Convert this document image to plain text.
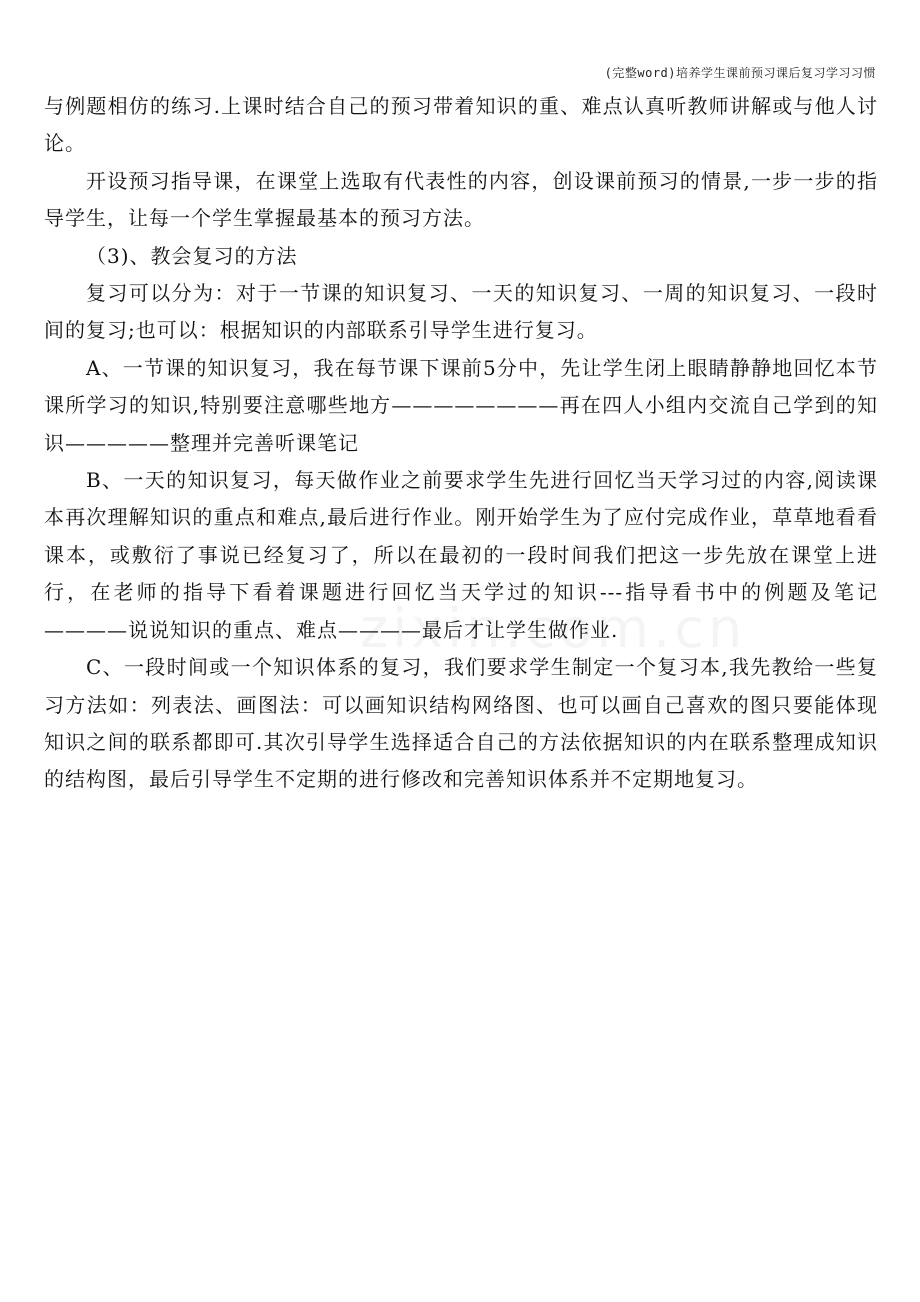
(完整word)培养学生课前预习课后复习学习习惯

与例题相仿的练习.上课时结合自己的预习带着知识的重、难点认真听教师讲解或与他人讨论。

开设预习指导课，在课堂上选取有代表性的内容，创设课前预习的情景,一步一步的指导学生，让每一个学生掌握最基本的预习方法。

（3)、教会复习的方法

复习可以分为：对于一节课的知识复习、一天的知识复习、一周的知识复习、一段时间的复习;也可以：根据知识的内部联系引导学生进行复习。

A、一节课的知识复习，我在每节课下课前5分中，先让学生闭上眼睛静静地回忆本节课所学习的知识,特别要注意哪些地方————————再在四人小组内交流自己学到的知识—————整理并完善听课笔记

B、一天的知识复习，每天做作业之前要求学生先进行回忆当天学习过的内容,阅读课本再次理解知识的重点和难点,最后进行作业。刚开始学生为了应付完成作业，草草地看看课本，或敷衍了事说已经复习了，所以在最初的一段时间我们把这一步先放在课堂上进行，在老师的指导下看着课题进行回忆当天学过的知识---指导看书中的例题及笔记————说说知识的重点、难点————最后才让学生做作业.

C、一段时间或一个知识体系的复习，我们要求学生制定一个复习本,我先教给一些复习方法如：列表法、画图法：可以画知识结构网络图、也可以画自己喜欢的图只要能体现知识之间的联系都即可.其次引导学生选择适合自己的方法依据知识的内在联系整理成知识的结构图，最后引导学生不定期的进行修改和完善知识体系并不定期地复习。
